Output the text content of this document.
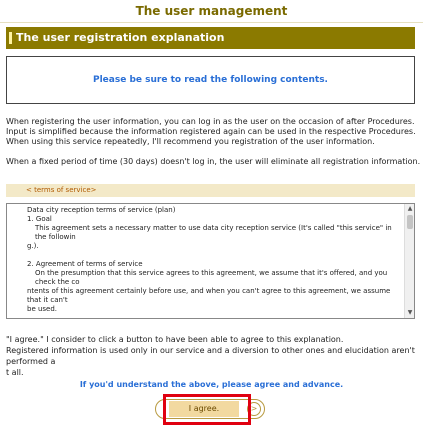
The user management
The user registration explanation
Please be sure to read the following contents.

When registering the user information, you can log in as the user on the occasion of after Procedures.

Input is simplified because the information registered again can be used in the respective Procedures.

When using this service repeatedly, I'll recommend you registration of the user information.

When a fixed period of time (30 days) doesn't log in, the user will eliminate all registration information.

< terms of service>

Data city reception terms of service (plan)

1. Goal

This agreement sets a necessary matter to use data city reception service (It's called "this service" in the followin

g.).

2. Agreement of terms of service

On the presumption that this service agrees to this agreement, we assume that it's offered, and you check the co

ntents of this agreement certainly before use, and when you can't agree to this agreement, we assume that it can't

be used.

▲
▼

"I agree." I consider to click a button to have been able to agree to this explanation.

Registered information is used only in our service and a diversion to other ones and elucidation aren't performed a

t all.

If you'd understand the above, please agree and advance.
I agree.	>
